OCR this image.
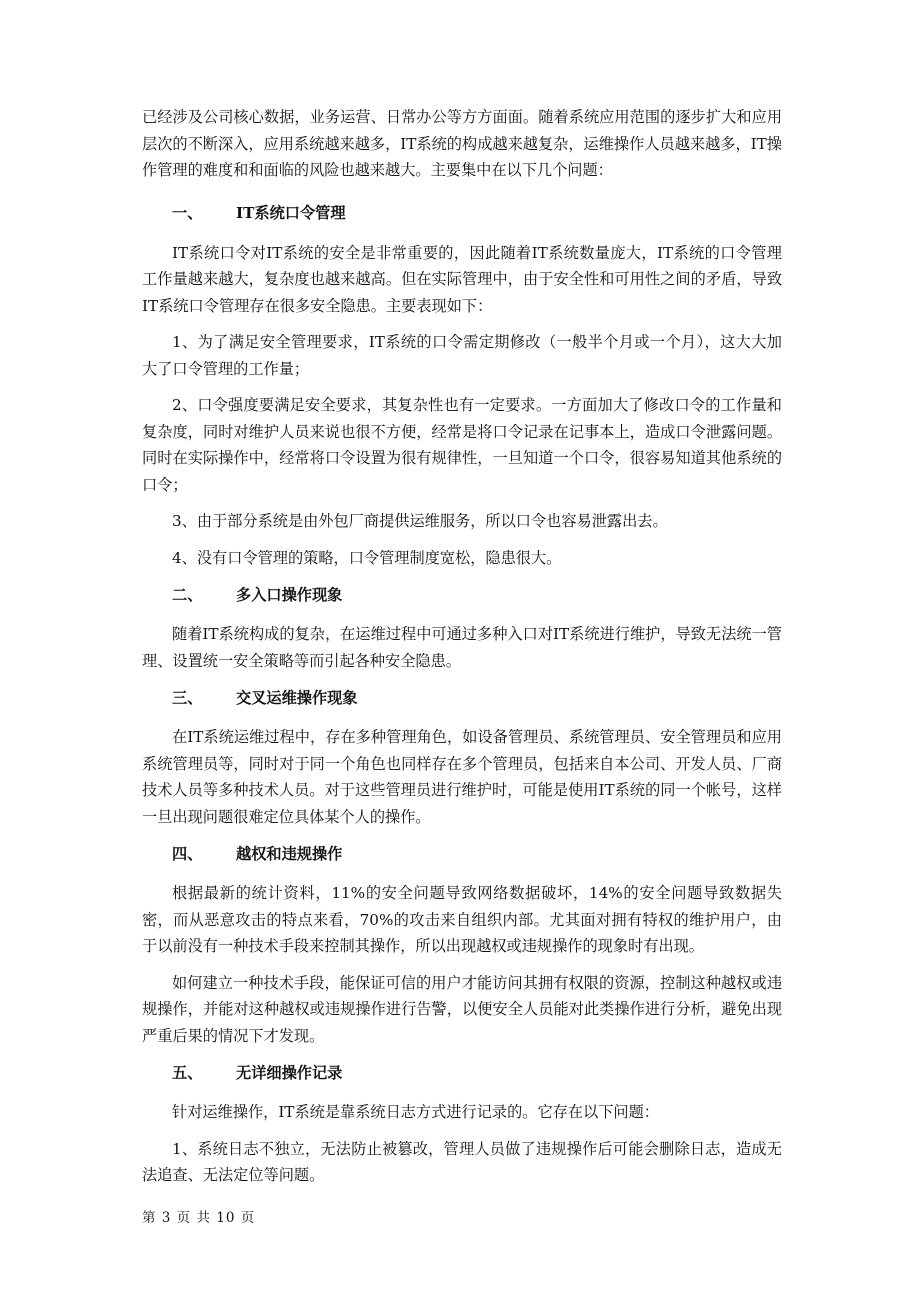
已经涉及公司核心数据，业务运营、日常办公等方方面面。随着系统应用范围的逐步扩大和应用层次的不断深入，应用系统越来越多，IT系统的构成越来越复杂，运维操作人员越来越多，IT操作管理的难度和和面临的风险也越来越大。主要集中在以下几个问题：

一、	IT系统口令管理

IT系统口令对IT系统的安全是非常重要的，因此随着IT系统数量庞大，IT系统的口令管理工作量越来越大，复杂度也越来越高。但在实际管理中，由于安全性和可用性之间的矛盾，导致IT系统口令管理存在很多安全隐患。主要表现如下：

1、为了满足安全管理要求，IT系统的口令需定期修改（一般半个月或一个月），这大大加大了口令管理的工作量；

2、口令强度要满足安全要求，其复杂性也有一定要求。一方面加大了修改口令的工作量和复杂度，同时对维护人员来说也很不方便，经常是将口令记录在记事本上，造成口令泄露问题。同时在实际操作中，经常将口令设置为很有规律性，一旦知道一个口令，很容易知道其他系统的口令；

3、由于部分系统是由外包厂商提供运维服务，所以口令也容易泄露出去。

4、没有口令管理的策略，口令管理制度宽松，隐患很大。

二、	多入口操作现象

随着IT系统构成的复杂，在运维过程中可通过多种入口对IT系统进行维护，导致无法统一管理、设置统一安全策略等而引起各种安全隐患。

三、	交叉运维操作现象

在IT系统运维过程中，存在多种管理角色，如设备管理员、系统管理员、安全管理员和应用系统管理员等，同时对于同一个角色也同样存在多个管理员，包括来自本公司、开发人员、厂商技术人员等多种技术人员。对于这些管理员进行维护时，可能是使用IT系统的同一个帐号，这样一旦出现问题很难定位具体某个人的操作。

四、	越权和违规操作

根据最新的统计资料，11%的安全问题导致网络数据破坏，14%的安全问题导致数据失密，而从恶意攻击的特点来看，70%的攻击来自组织内部。尤其面对拥有特权的维护用户，由于以前没有一种技术手段来控制其操作，所以出现越权或违规操作的现象时有出现。

如何建立一种技术手段，能保证可信的用户才能访问其拥有权限的资源，控制这种越权或违规操作，并能对这种越权或违规操作进行告警，以便安全人员能对此类操作进行分析，避免出现严重后果的情况下才发现。

五、	无详细操作记录

针对运维操作，IT系统是靠系统日志方式进行记录的。它存在以下问题：

1、系统日志不独立，无法防止被篡改，管理人员做了违规操作后可能会删除日志，造成无法追查、无法定位等问题。

第 3 页 共 10 页
